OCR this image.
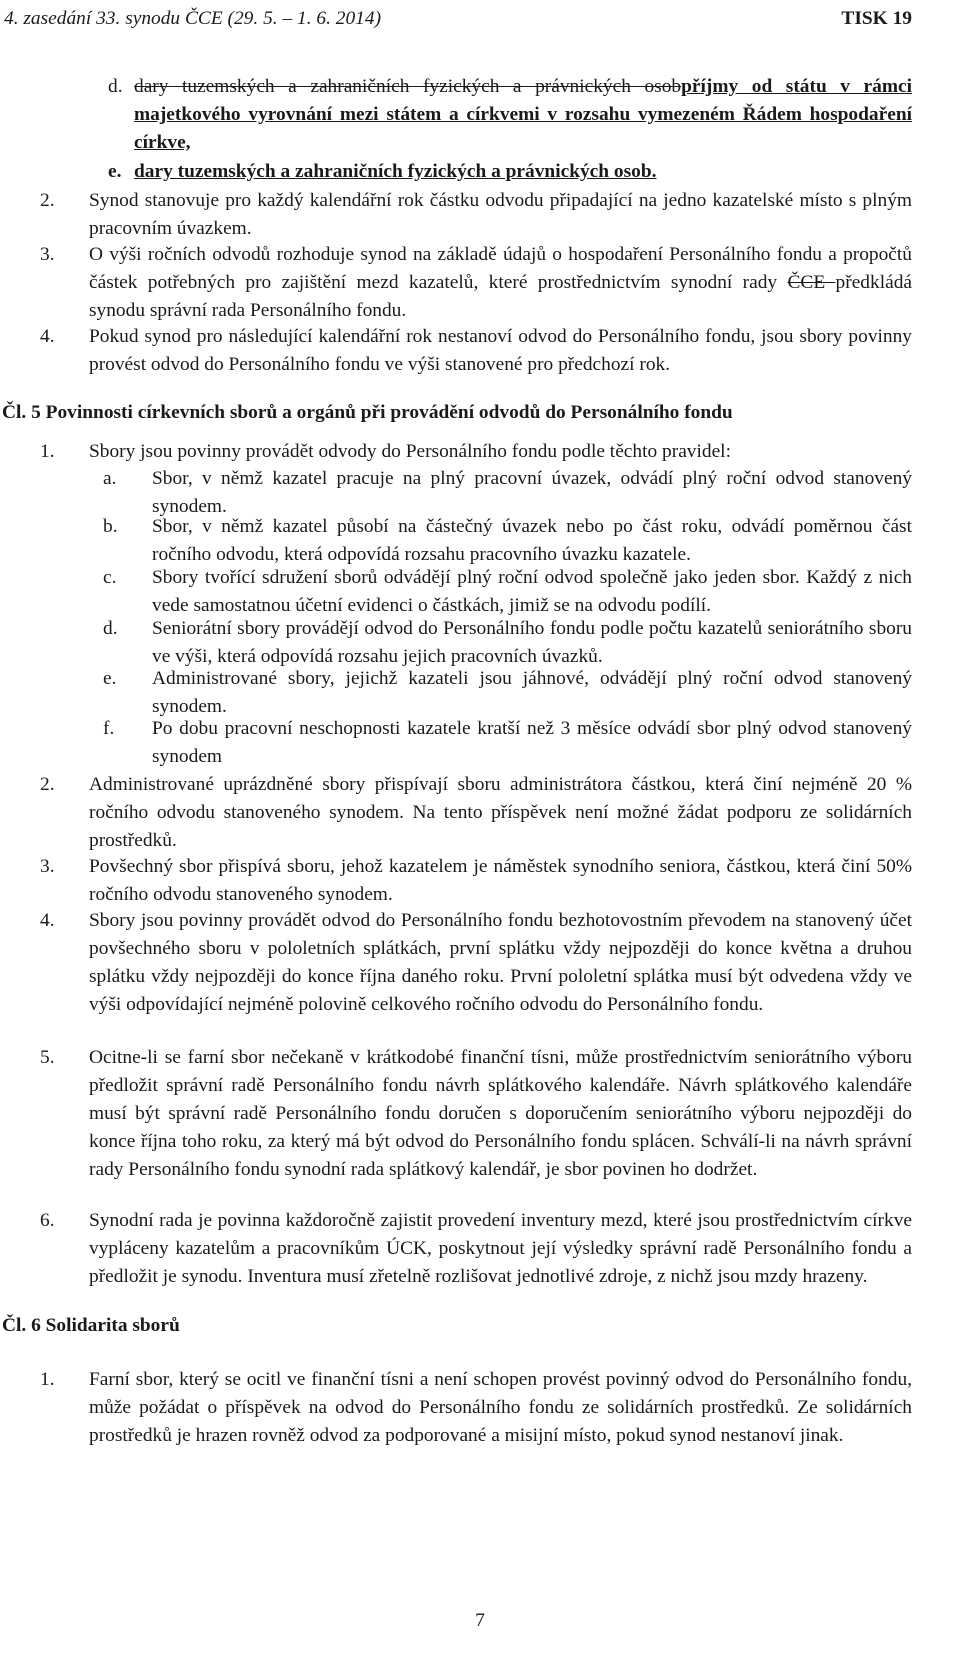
4. zasedání 33. synodu ČCE (29. 5. – 1. 6. 2014)	TISK 19
d. dary tuzemských a zahraničních fyzických a právnických osobpříjmy od státu v rámci majetkového vyrovnání mezi státem a církvemi v rozsahu vymezeném Řádem hospodaření církve,
e. dary tuzemských a zahraničních fyzických a právnických osob.
2. Synod stanovuje pro každý kalendářní rok částku odvodu připadající na jedno kazatelské místo s plným pracovním úvazkem.
3. O výši ročních odvodů rozhoduje synod na základě údajů o hospodaření Personálního fondu a propočtů částek potřebných pro zajištění mezd kazatelů, které prostřednictvím synodní rady ČCE předkládá synodu správní rada Personálního fondu.
4. Pokud synod pro následující kalendářní rok nestanoví odvod do Personálního fondu, jsou sbory povinny provést odvod do Personálního fondu ve výši stanovené pro předchozí rok.
Čl. 5 Povinnosti církevních sborů a orgánů při provádění odvodů do Personálního fondu
1. Sbory jsou povinny provádět odvody do Personálního fondu podle těchto pravidel:
a. Sbor, v němž kazatel pracuje na plný pracovní úvazek, odvádí plný roční odvod stanovený synodem.
b. Sbor, v němž kazatel působí na částečný úvazek nebo po část roku, odvádí poměrnou část ročního odvodu, která odpovídá rozsahu pracovního úvazku kazatele.
c. Sbory tvořící sdružení sborů odvádějí plný roční odvod společně jako jeden sbor. Každý z nich vede samostatnou účetní evidenci o částkách, jimiž se na odvodu podílí.
d. Seniorátní sbory provádějí odvod do Personálního fondu podle počtu kazatelů seniorátního sboru ve výši, která odpovídá rozsahu jejich pracovních úvazků.
e. Administrované sbory, jejichž kazateli jsou jáhnové, odvádějí plný roční odvod stanovený synodem.
f. Po dobu pracovní neschopnosti kazatele kratší než 3 měsíce odvádí sbor plný odvod stanovený synodem
2. Administrované uprázdněné sbory přispívají sboru administrátora částkou, která činí nejméně 20 % ročního odvodu stanoveného synodem. Na tento příspěvek není možné žádat podporu ze solidárních prostředků.
3. Povšechný sbor přispívá sboru, jehož kazatelem je náměstek synodního seniora, částkou, která činí 50% ročního odvodu stanoveného synodem.
4. Sbory jsou povinny provádět odvod do Personálního fondu bezhotovostním převodem na stanovený účet povšechného sboru v pololetních splátkách, první splátku vždy nejpozději do konce května a druhou splátku vždy nejpozději do konce října daného roku. První pololetní splátka musí být odvedena vždy ve výši odpovídající nejméně polovině celkového ročního odvodu do Personálního fondu.
5. Ocitne-li se farní sbor nečekaně v krátkodobé finanční tísni, může prostřednictvím seniorátního výboru předložit správní radě Personálního fondu návrh splátkového kalendáře. Návrh splátkového kalendáře musí být správní radě Personálního fondu doručen s doporučením seniorátního výboru nejpozději do konce října toho roku, za který má být odvod do Personálního fondu splácen. Schválí-li na návrh správní rady Personálního fondu synodní rada splátkový kalendář, je sbor povinen ho dodržet.
6. Synodní rada je povinna každoročně zajistit provedení inventury mezd, které jsou prostřednictvím církve vypláceny kazatelům a pracovníkům ÚCK, poskytnout její výsledky správní radě Personálního fondu a předložit je synodu. Inventura musí zřetelně rozlišovat jednotlivé zdroje, z nichž jsou mzdy hrazeny.
Čl. 6 Solidarita sborů
1. Farní sbor, který se ocitl ve finanční tísni a není schopen provést povinný odvod do Personálního fondu, může požádat o příspěvek na odvod do Personálního fondu ze solidárních prostředků. Ze solidárních prostředků je hrazen rovněž odvod za podporované a misijní místo, pokud synod nestanoví jinak.
7
